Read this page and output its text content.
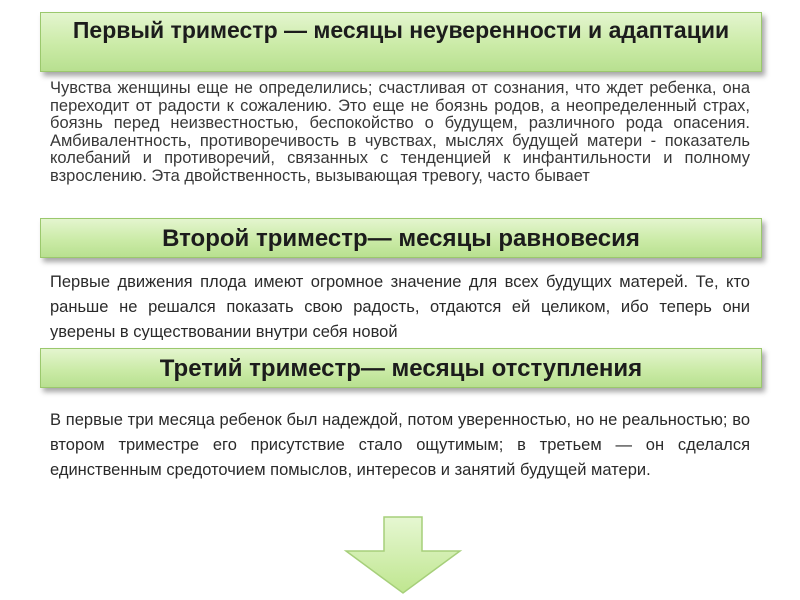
Первый триместр — месяцы неуверенности и адаптации

Чувства женщины еще не определились; счастливая от сознания, что ждет ребенка, она переходит от радости к сожалению. Это еще не боязнь родов, а неопределенный страх, боязнь перед неизвестностью, беспокойство о будущем, различного рода опасения. Амбивалентность, противоречивость в чувствах, мыслях будущей матери - показатель колебаний и противоречий, связанных с тенденцией к инфантильности и полному взрослению. Эта двойственность, вызывающая тревогу, часто бывает

Второй триместр— месяцы равновесия

Первые движения плода имеют огромное значение для всех будущих матерей. Те, кто раньше не решался показать свою радость, отдаются ей целиком, ибо теперь они уверены в существовании внутри себя новой

Третий триместр— месяцы отступления

В первые три месяца ребенок был надеждой, потом уверенностью, но не реальностью; во втором триместре его присутствие стало ощутимым; в третьем — он сделался единственным средоточием помыслов, интересов и занятий будущей матери.
